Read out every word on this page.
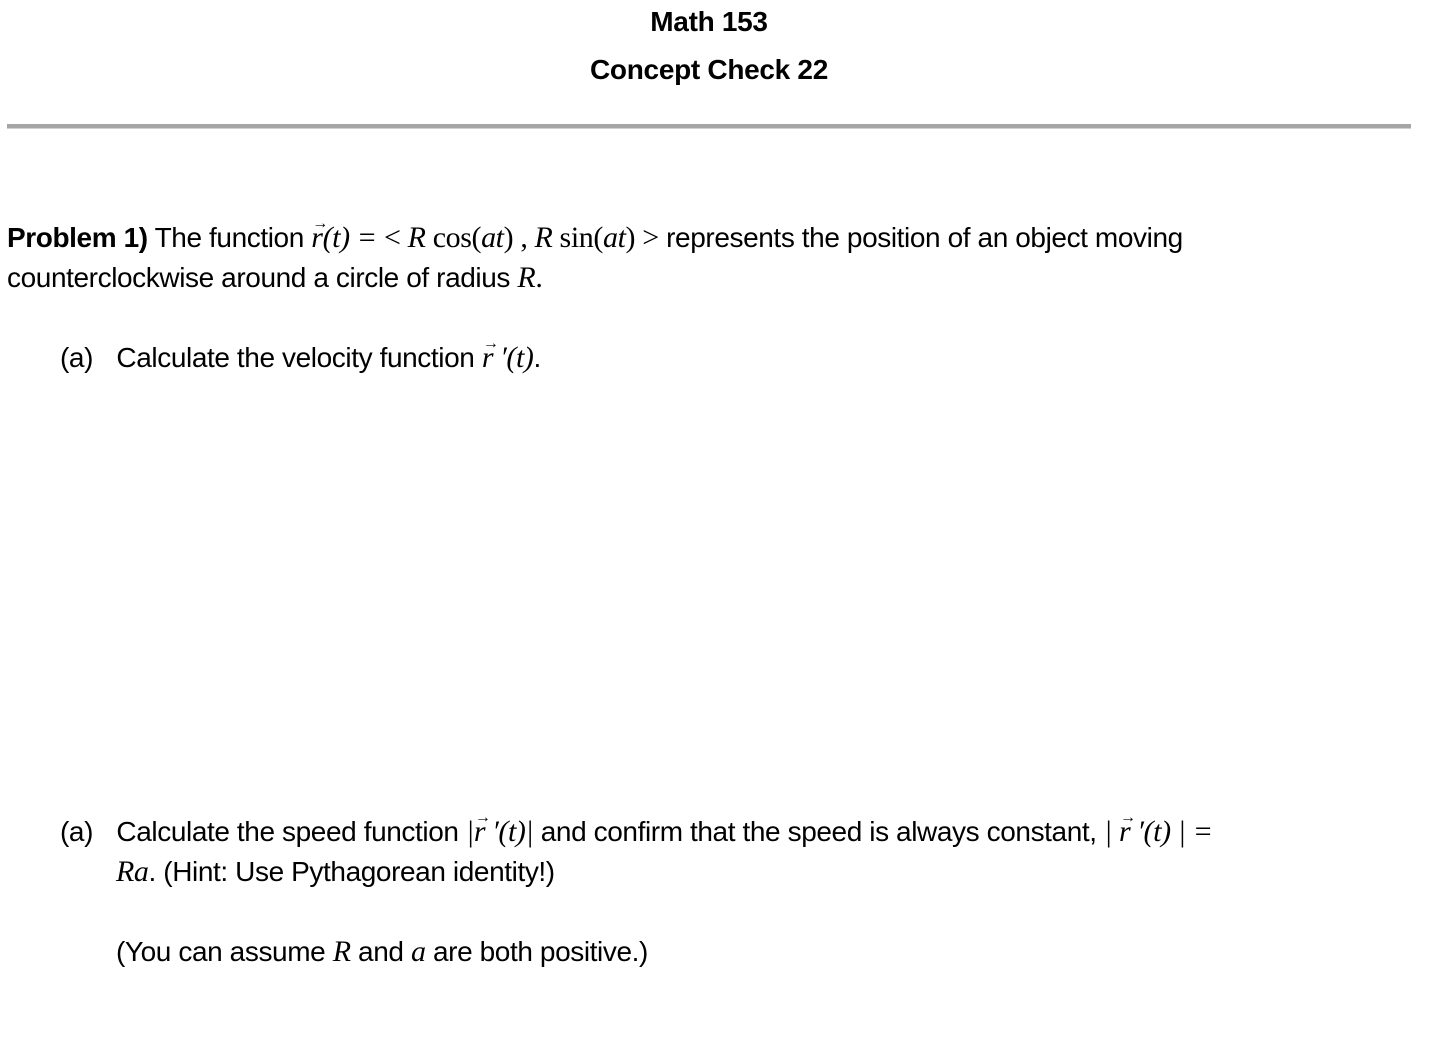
Math 153
Concept Check 22
Problem 1) The function → r(t) = < R cos(at) , R sin(at) > represents the position of an object moving
counterclockwise around a circle of radius R.
(a) Calculate the velocity function → r ′(t).
(a) Calculate the speed function |→ r ′(t)| and confirm that the speed is always constant, | → r ′(t) | =
Ra. (Hint: Use Pythagorean identity!)
(You can assume R and a are both positive.)
